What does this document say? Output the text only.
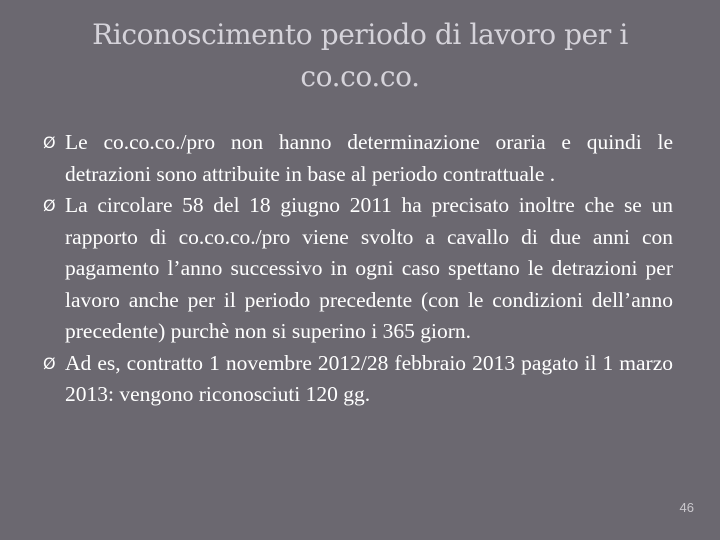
Riconoscimento periodo di lavoro per i
co.co.co.
Ø Le co.co.co./pro non hanno determinazione oraria e quindi le detrazioni sono attribuite in base al periodo contrattuale .
Ø La circolare 58 del 18 giugno 2011 ha precisato inoltre che se un rapporto di co.co.co./pro viene svolto a cavallo di due anni con pagamento l’anno successivo in ogni caso spettano le detrazioni per lavoro anche per il periodo precedente (con le condizioni dell’anno precedente) purchè non si superino i 365 giorn.
Ø Ad es, contratto 1 novembre 2012/28 febbraio 2013 pagato il 1 marzo 2013: vengono riconosciuti 120 gg.
46
